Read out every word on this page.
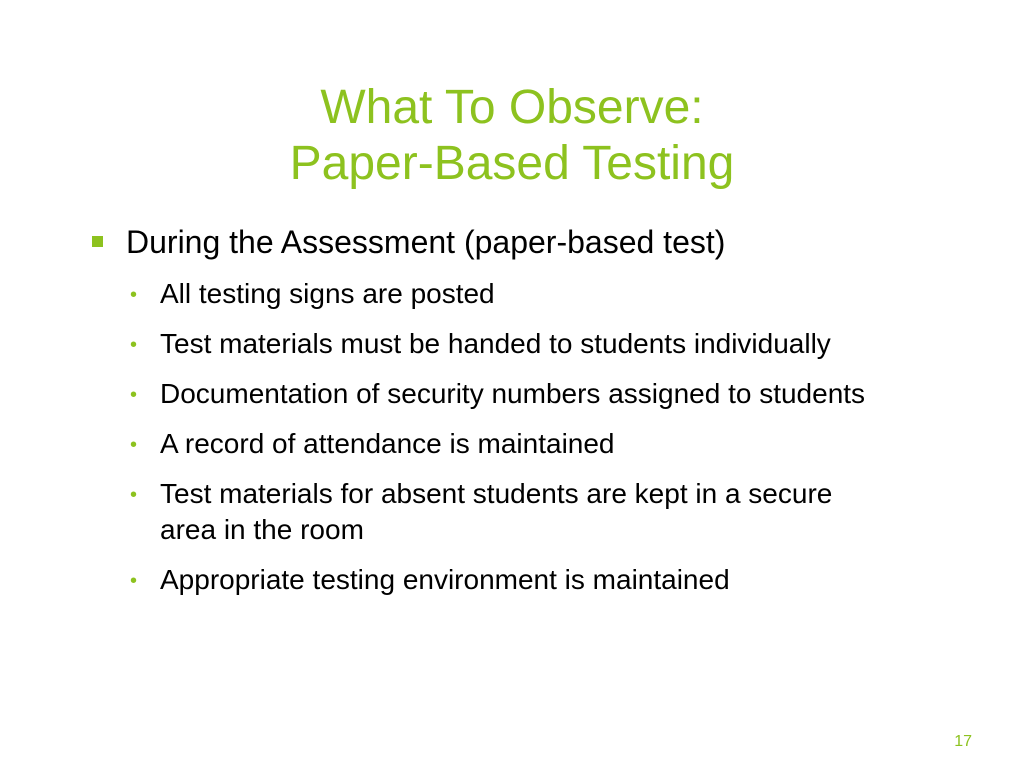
What To Observe:
Paper-Based Testing
During the Assessment (paper-based test)
• All testing signs are posted
• Test materials must be handed to students individually
• Documentation of security numbers assigned to students
• A record of attendance is maintained
• Test materials for absent students are kept in a secure area in the room
• Appropriate testing environment is maintained
17
